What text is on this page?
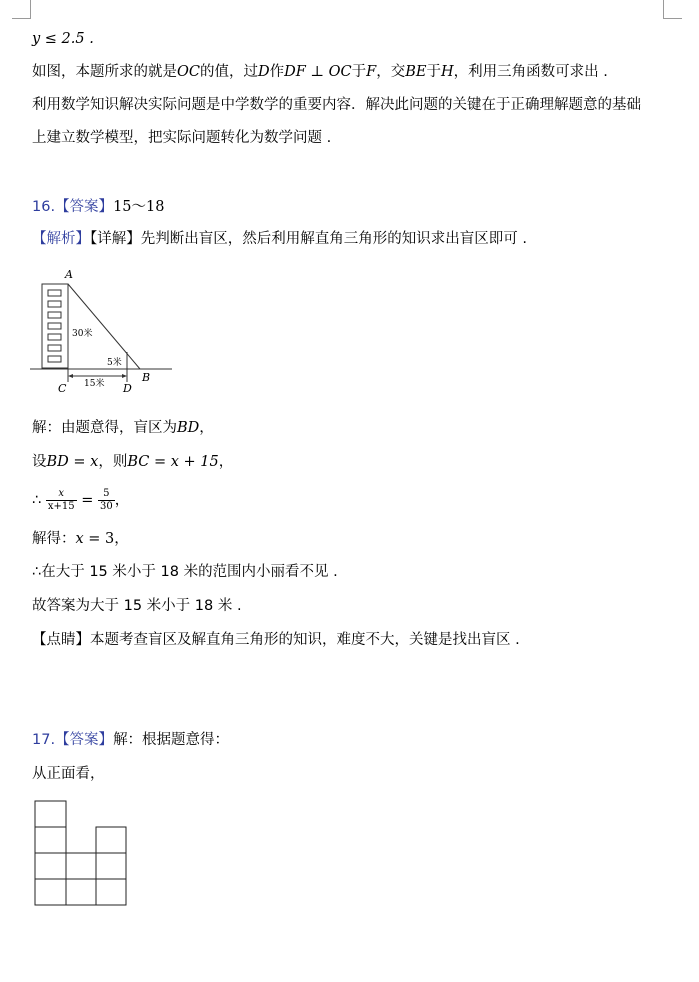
y ≤ 2.5 .
如图，本题所求的就是OC的值，过D作DF ⊥ OC于F，交BE于H，利用三角函数可求出 .
利用数学知识解决实际问题是中学数学的重要内容．解决此问题的关键在于正确理解题意的基础
上建立数学模型，把实际问题转化为数学问题 .
16.【答案】15～18
【解析】【详解】先判断出盲区，然后利用解直角三角形的知识求出盲区即可 .
A
B
C	D
30米
5米
15米
解：由题意得，盲区为BD，
设BD = x，则BC = x + 15，
∴ $\frac{x}{x+15} = \frac{5}{30}$ ，
解得：x = 3，
∴在大于 15 米小于 18 米的范围内小丽看不见 .
故答案为大于 15 米小于 18 米 .
【点睛】本题考查盲区及解直角三角形的知识，难度不大，关键是找出盲区 .
17.【答案】解：根据题意得：
从正面看，
